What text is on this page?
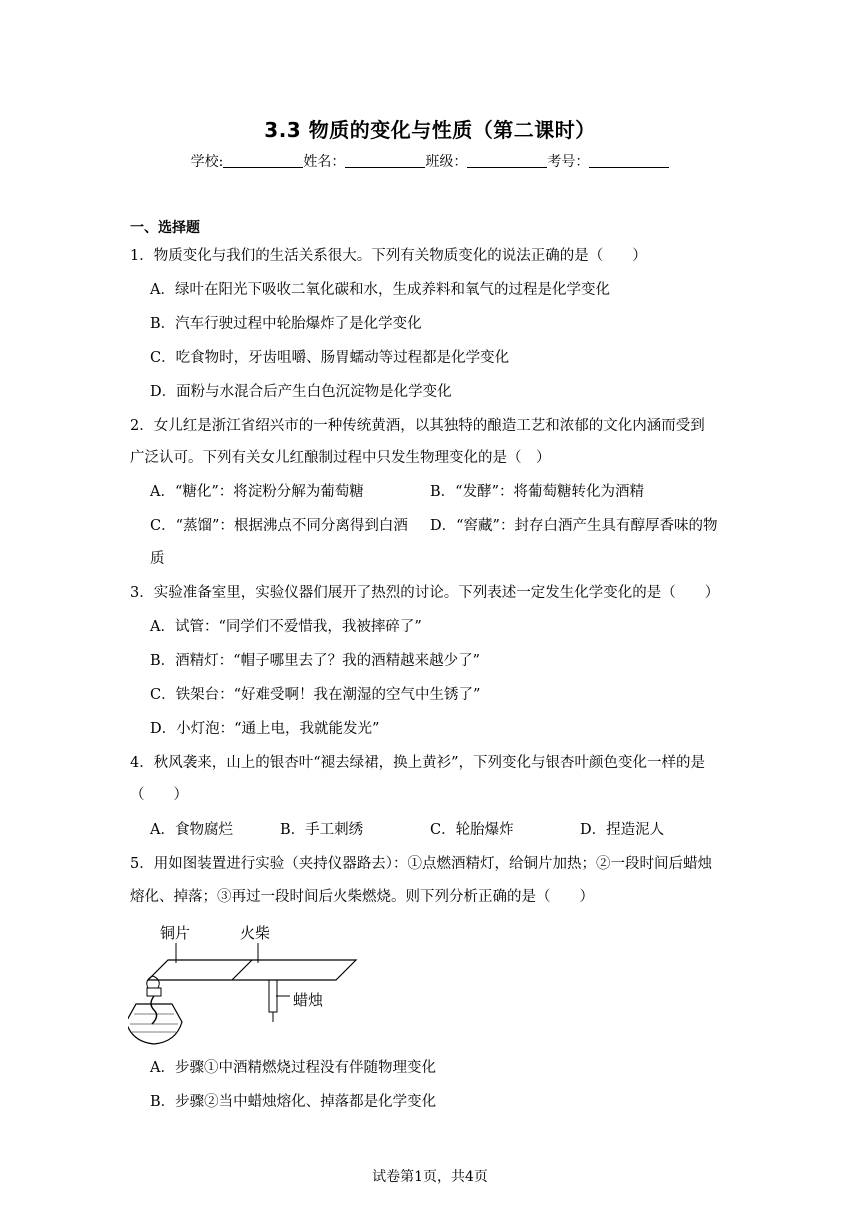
3.3 物质的变化与性质（第二课时）
学校:	姓名：	班级：	考号：
一、选择题
1．物质变化与我们的生活关系很大。下列有关物质变化的说法正确的是（　　）
A．绿叶在阳光下吸收二氧化碳和水，生成养料和氧气的过程是化学变化
B．汽车行驶过程中轮胎爆炸了是化学变化
C．吃食物时，牙齿咀嚼、肠胃蠕动等过程都是化学变化
D．面粉与水混合后产生白色沉淀物是化学变化
2．女儿红是浙江省绍兴市的一种传统黄酒，以其独特的酿造工艺和浓郁的文化内涵而受到
广泛认可。下列有关女儿红酿制过程中只发生物理变化的是（　）
A．“糖化”：将淀粉分解为葡萄糖	B．“发酵”：将葡萄糖转化为酒精
C．“蒸馏”：根据沸点不同分离得到白酒 D．“窖藏”：封存白酒产生具有醇厚香味的物
质
3．实验准备室里，实验仪器们展开了热烈的讨论。下列表述一定发生化学变化的是（　　）
A．试管：“同学们不爱惜我，我被摔碎了”
B．酒精灯：“帽子哪里去了？我的酒精越来越少了”
C．铁架台：“好难受啊！我在潮湿的空气中生锈了”
D．小灯泡：“通上电，我就能发光”
4．秋风袭来，山上的银杏叶“褪去绿裙，换上黄衫”，下列变化与银杏叶颜色变化一样的是
（　　）
A．食物腐烂	B．手工刺绣	C．轮胎爆炸	D．捏造泥人
5．用如图装置进行实验（夹持仪器路去）：①点燃酒精灯，给铜片加热；②一段时间后蜡烛
熔化、掉落；③再过一段时间后火柴燃烧。则下列分析正确的是（　　）
铜片	火柴
蜡烛
A．步骤①中酒精燃烧过程没有伴随物理变化
B．步骤②当中蜡烛熔化、掉落都是化学变化
试卷第1页，共4页
